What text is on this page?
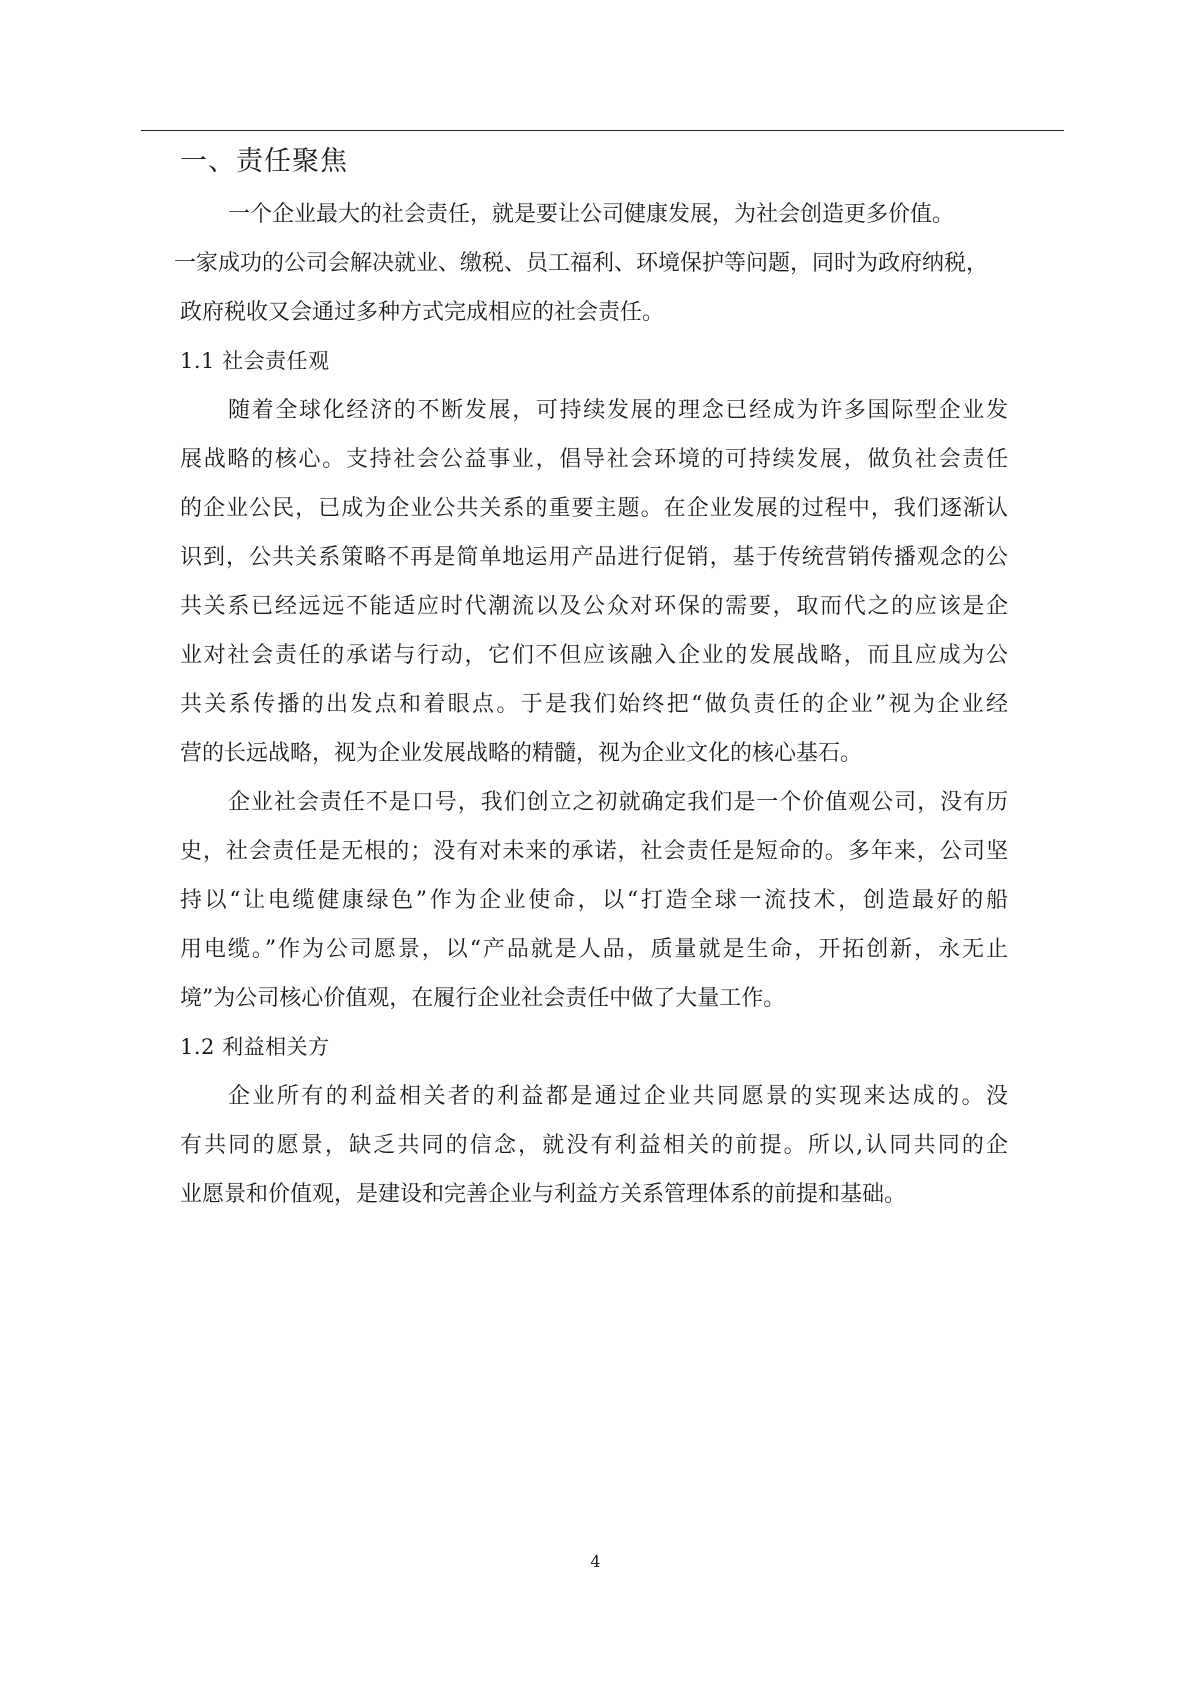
一、责任聚焦
一个企业最大的社会责任，就是要让公司健康发展，为社会创造更多价值。
一家成功的公司会解决就业、缴税、员工福利、环境保护等问题，同时为政府纳税，
政府税收又会通过多种方式完成相应的社会责任。
1.1 社会责任观
随着全球化经济的不断发展，可持续发展的理念已经成为许多国际型企业发
展战略的核心。支持社会公益事业，倡导社会环境的可持续发展，做负社会责任
的企业公民，已成为企业公共关系的重要主题。在企业发展的过程中，我们逐渐认
识到，公共关系策略不再是简单地运用产品进行促销，基于传统营销传播观念的公
共关系已经远远不能适应时代潮流以及公众对环保的需要，取而代之的应该是企
业对社会责任的承诺与行动，它们不但应该融入企业的发展战略，而且应成为公
共关系传播的出发点和着眼点。于是我们始终把“做负责任的企业”视为企业经
营的长远战略，视为企业发展战略的精髓，视为企业文化的核心基石。
企业社会责任不是口号，我们创立之初就确定我们是一个价值观公司，没有历
史，社会责任是无根的；没有对未来的承诺，社会责任是短命的。多年来，公司坚
持以“让电缆健康绿色”作为企业使命，以“打造全球一流技术，创造最好的船
用电缆。”作为公司愿景，以“产品就是人品，质量就是生命，开拓创新，永无止
境”为公司核心价值观，在履行企业社会责任中做了大量工作。
1.2 利益相关方
企业所有的利益相关者的利益都是通过企业共同愿景的实现来达成的。没
有共同的愿景，缺乏共同的信念，就没有利益相关的前提。所以,认同共同的企
业愿景和价值观，是建设和完善企业与利益方关系管理体系的前提和基础。
4
